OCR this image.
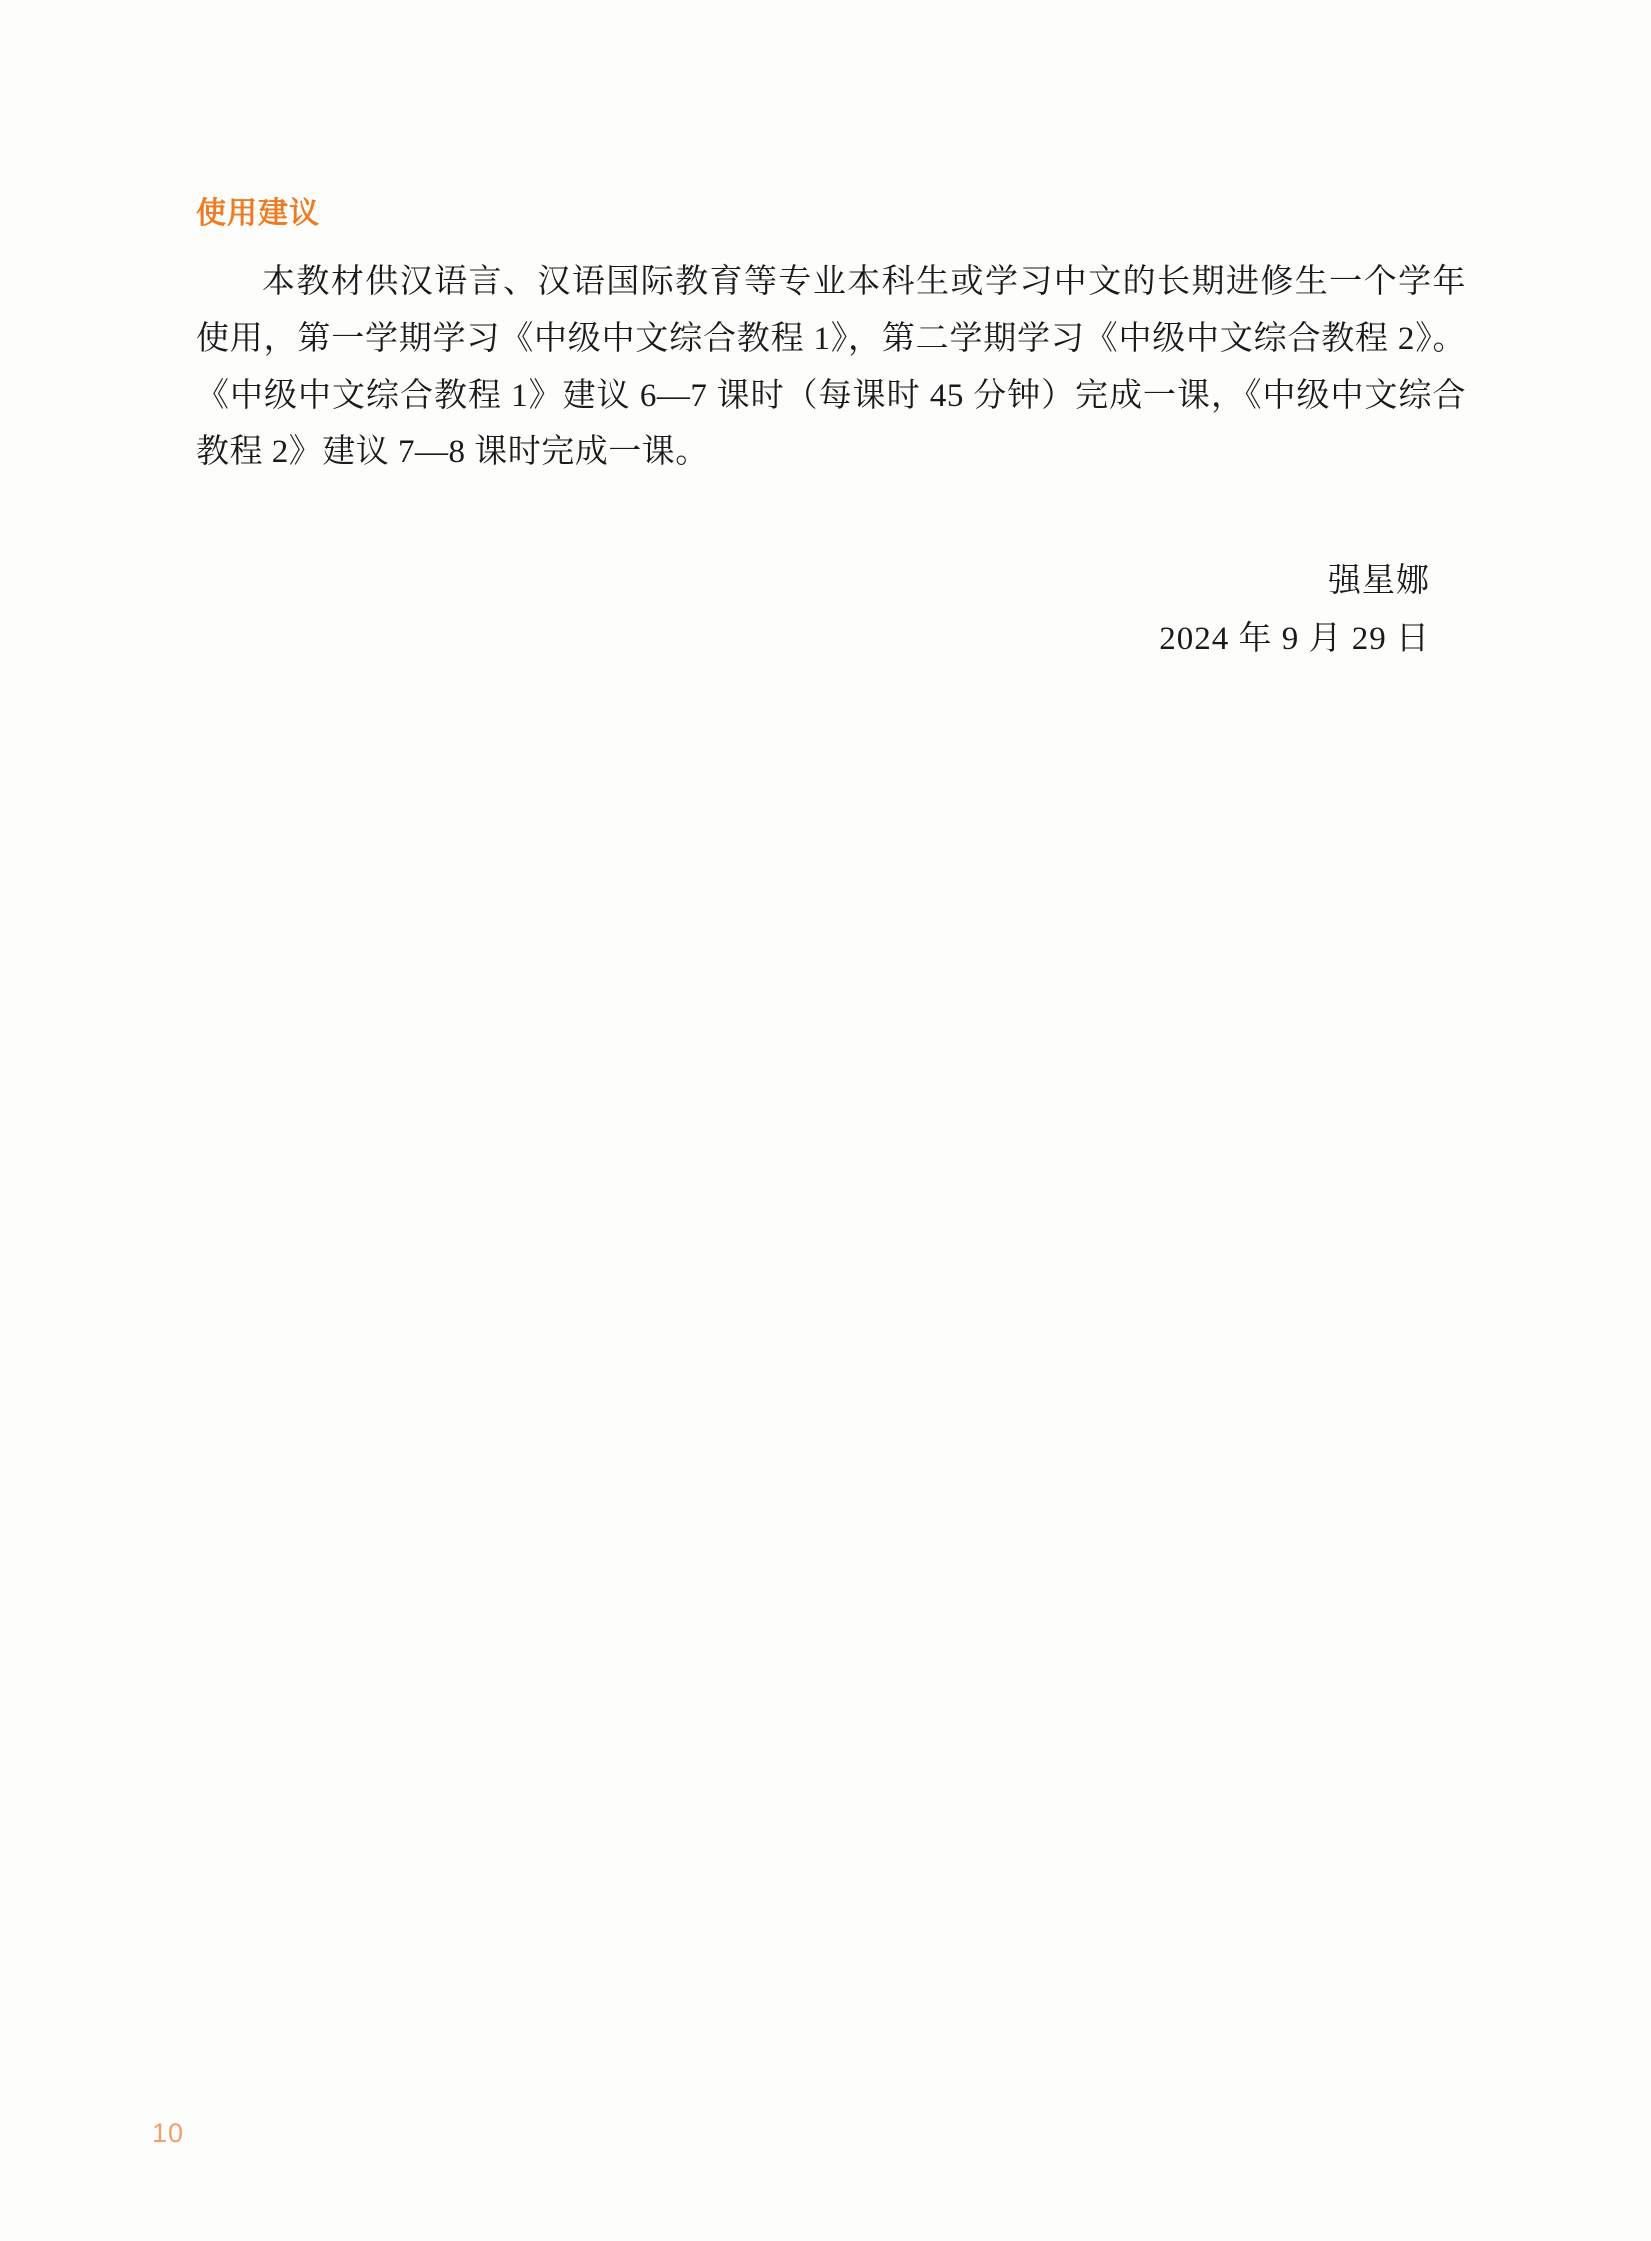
使用建议

本教材供汉语言、汉语国际教育等专业本科生或学习中文的长期进修生一个学年使用，第一学期学习《中级中文综合教程 1》，第二学期学习《中级中文综合教程 2》。《中级中文综合教程 1》建议 6—7 课时（每课时 45 分钟）完成一课，《中级中文综合教程 2》建议 7—8 课时完成一课。

强星娜
2024 年 9 月 29 日
10
